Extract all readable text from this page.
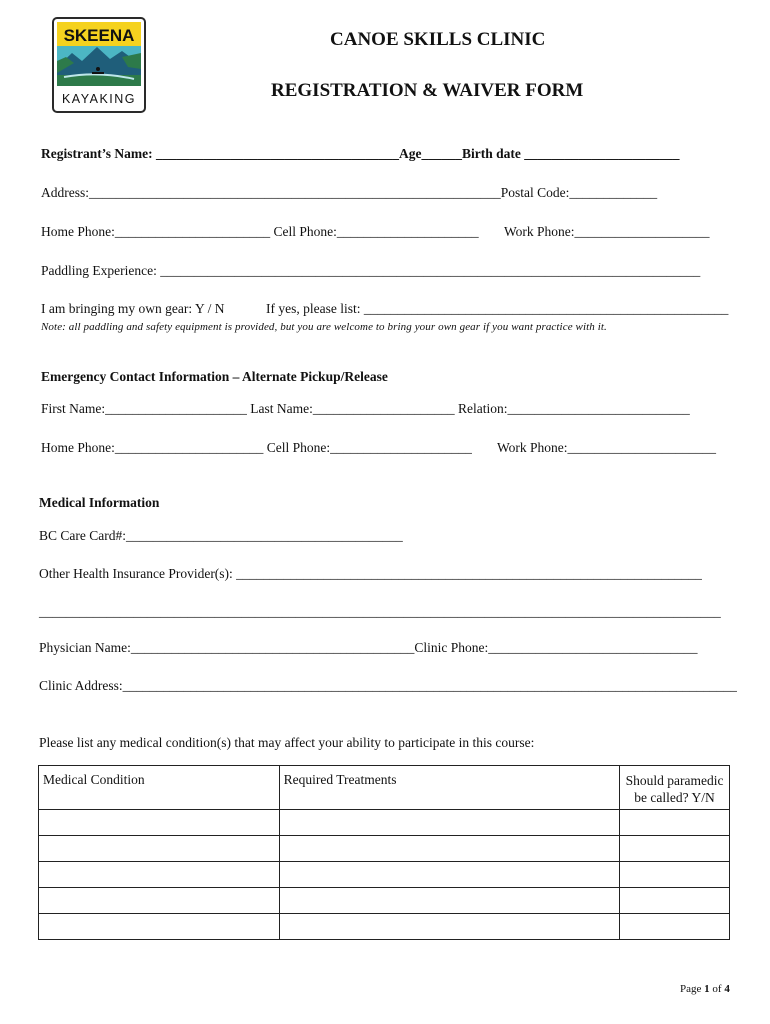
SKEENA
KAYAKING
CANOE SKILLS CLINIC
REGISTRATION & WAIVER FORM
Registrant’s Name: ____________________________________Age______Birth date _______________________
Address:_____________________________________________________________Postal Code:_____________
Home Phone:_______________________ Cell Phone:_____________________ Work Phone:____________________
Paddling Experience: ________________________________________________________________________________
I am bringing my own gear: Y / N	If yes, please list: ______________________________________________________
Note: all paddling and safety equipment is provided, but you are welcome to bring your own gear if you want practice with it.
Emergency Contact Information – Alternate Pickup/Release
First Name:_____________________ Last Name:_____________________ Relation:___________________________
Home Phone:______________________ Cell Phone:_____________________ Work Phone:______________________
Medical Information
BC Care Card#:_________________________________________
Other Health Insurance Provider(s): _____________________________________________________________________
_____________________________________________________________________________________________________
Physician Name:__________________________________________Clinic Phone:_______________________________
Clinic Address:___________________________________________________________________________________________
Please list any medical condition(s) that may affect your ability to participate in this course:
Medical Condition	Required Treatments	Should paramedic be called? Y/N

Page 1 of 4
